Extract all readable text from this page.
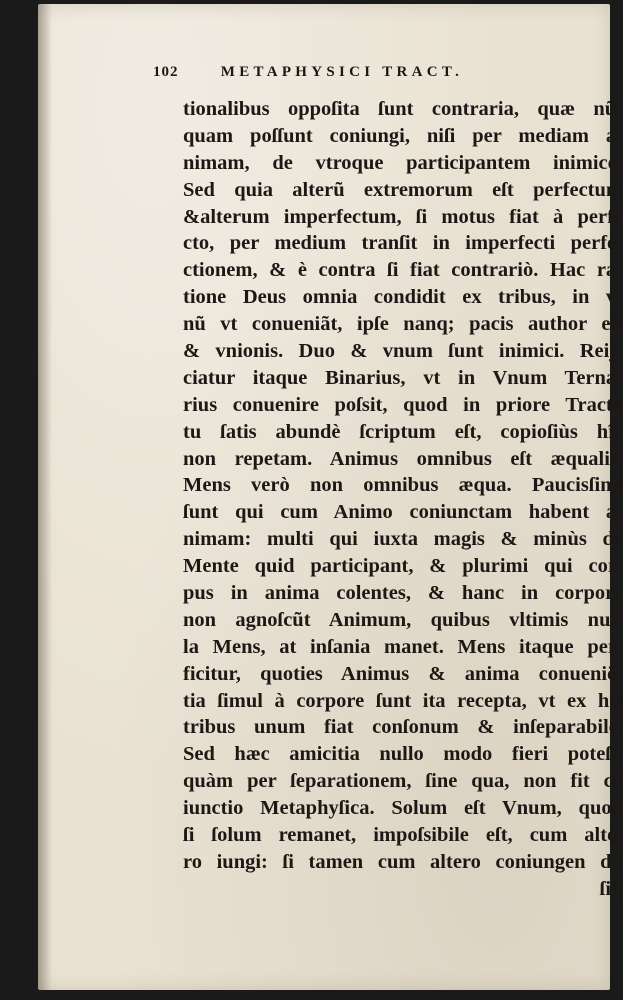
102	METAPHYSICI TRACT.
tionalibus oppoſita ſunt contraria, quæ nũ-
quam poſſunt coniungi, niſi per mediam a-
nimam, de vtroque participantem inimico.
Sed quia alterũ extremorum eſt perfectum
&alterum imperfectum, ſi motus fiat à perfe
cto, per medium tranſit in imperfecti perfe-
ctionem, & è contra ſi fiat contrariò. Hac ra-
tione Deus omnia condidit ex tribus, in v-
nũ vt conueniãt, ipſe nanq; pacis author eſt
& vnionis. Duo & vnum ſunt inimici. Reij-
ciatur itaque Binarius, vt in Vnum Terna-
rius conuenire poſsit, quod in priore Tracta
tu ſatis abundè ſcriptum eſt, copioſiùs hîc
non repetam. Animus omnibus eſt æqualis,
Mens verò non omnibus æqua. Paucisſimi
ſunt qui cum Animo coniunctam habent a-
nimam: multi qui iuxta magis & minùs de
Mente quid participant, & plurimi qui cor-
pus in anima colentes, & hanc in corpore
non agnoſcũt Animum, quibus vltimis nul-
la Mens, at inſania manet. Mens itaque per-
ficitur, quoties Animus & anima conueniẽ-
tia ſimul à corpore ſunt ita recepta, vt ex his
tribus unum fiat conſonum & inſeparabile.
Sed hæc amicitia nullo modo fieri poteſt,
quàm per ſeparationem, ſine qua, non fit cõ
iunctio Metaphyſica. Solum eſt Vnum, quod
ſi ſolum remanet, impoſsibile eſt, cum alte-
ro iungi: ſi tamen cum altero coniungen dũ
ſit,
